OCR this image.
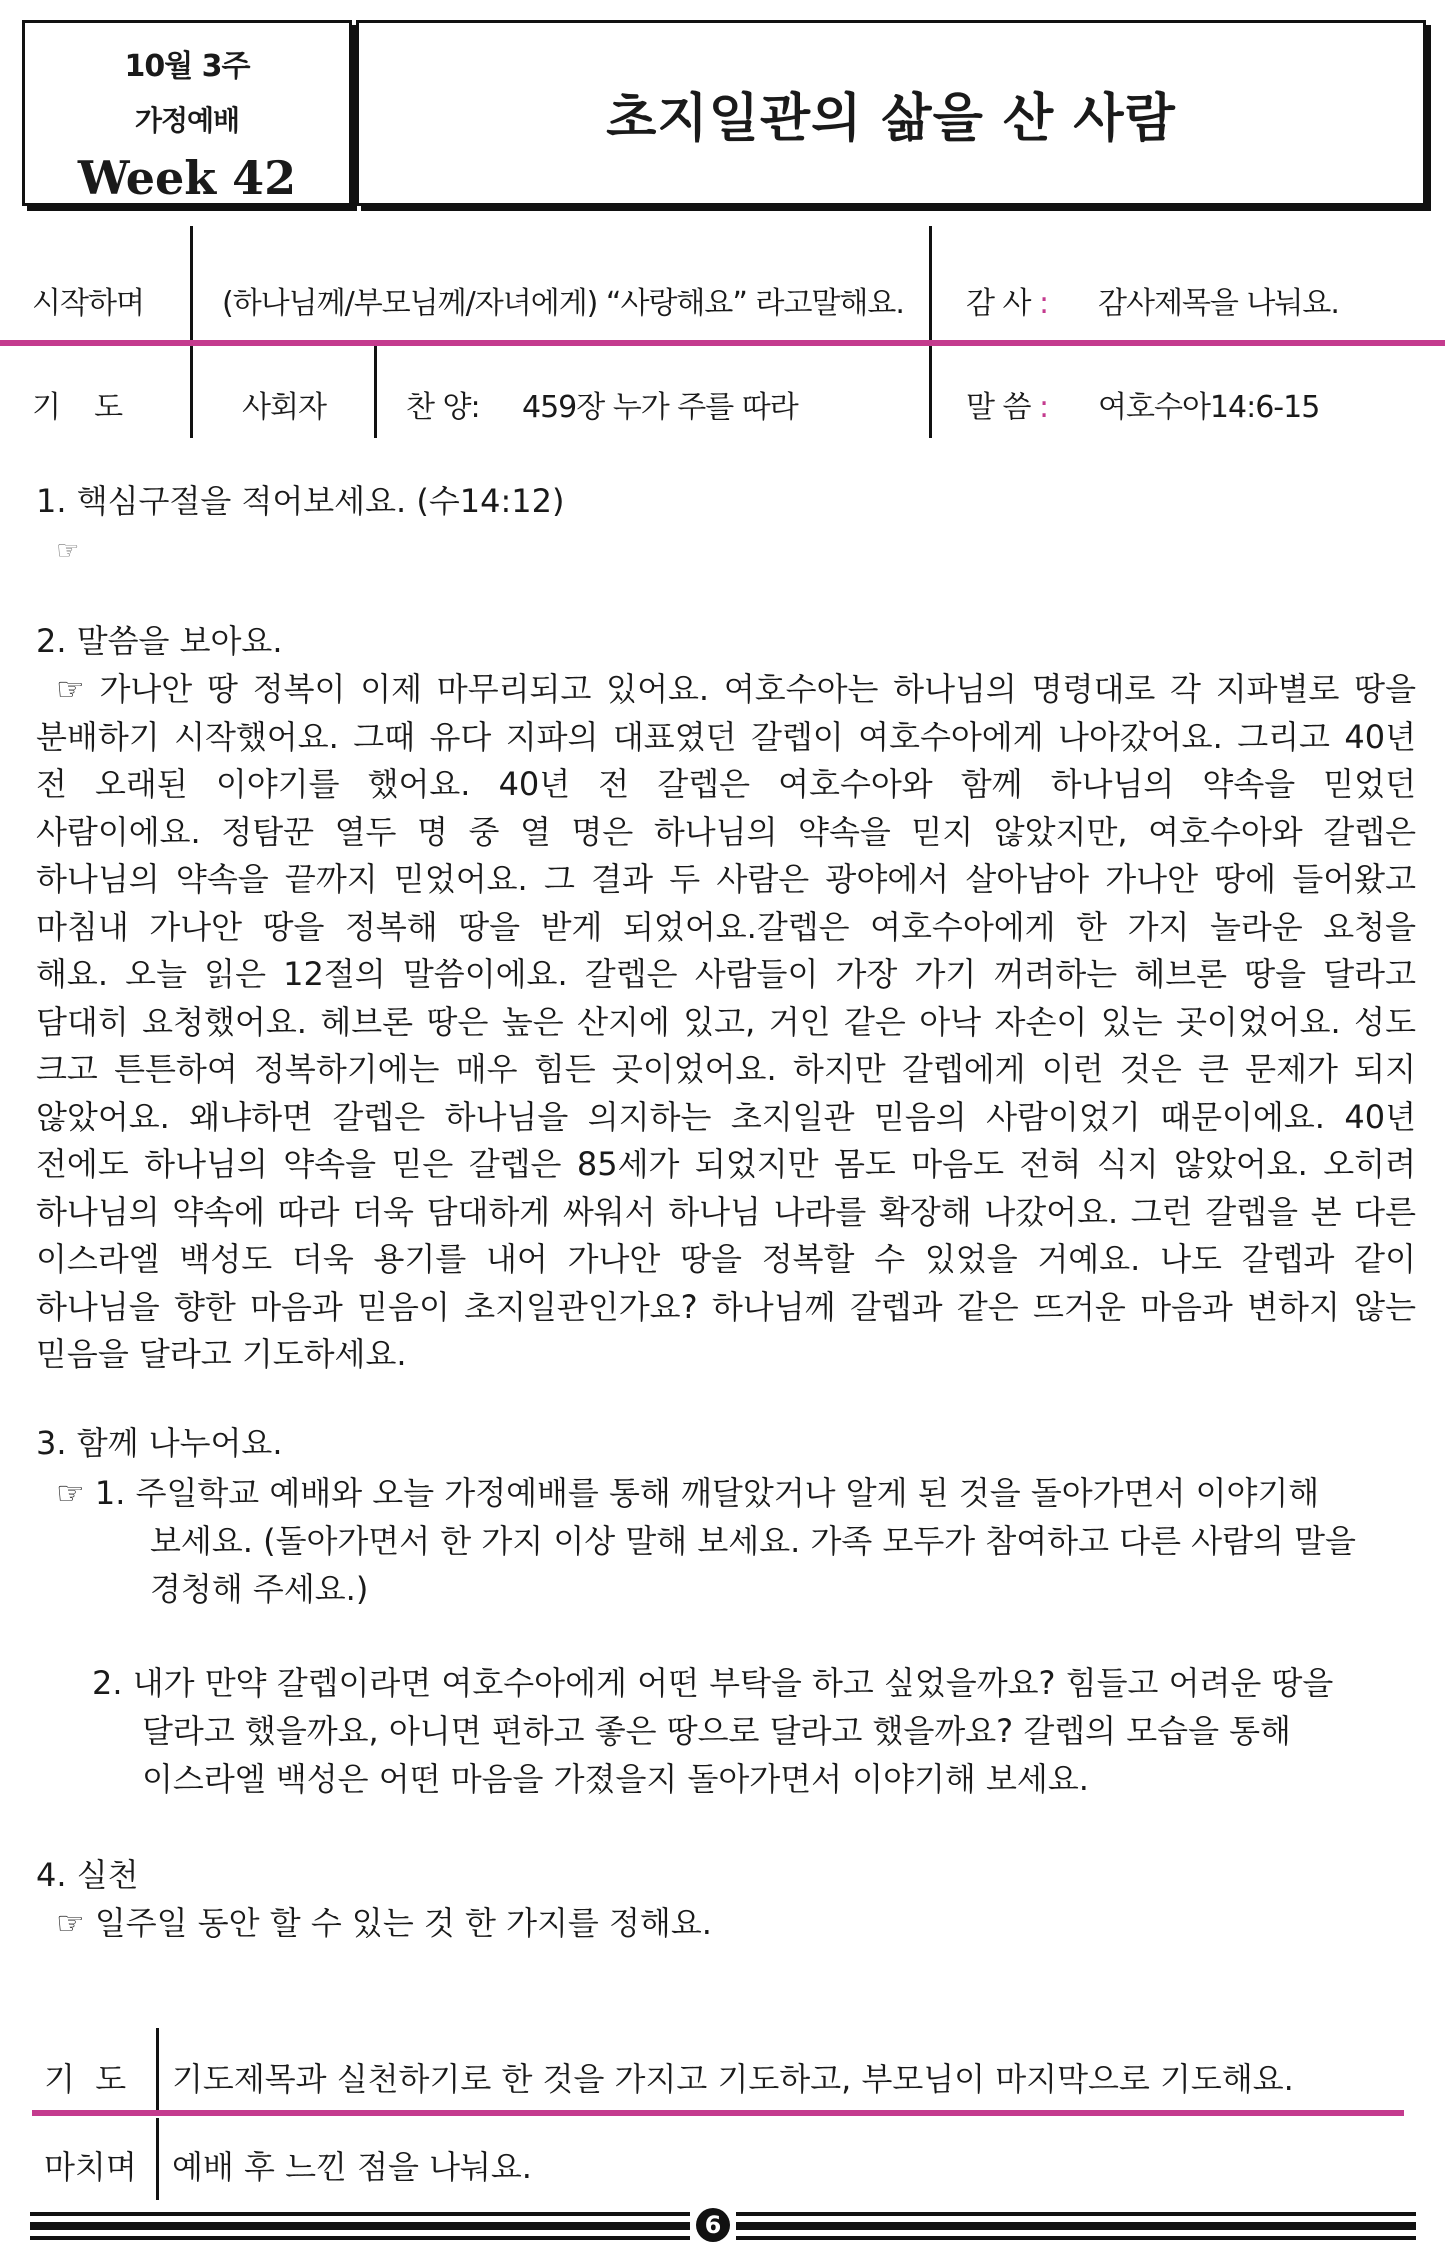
10월 3주
가정예배
Week 42
초지일관의 삶을 산 사람
시작하며	(하나님께/부모님께/자녀에게) “사랑해요” 라고말해요. 감 사 : 감사제목을 나눠요.
기    도	사회자	찬 양: 459장 누가 주를 따라	말 씀 : 여호수아14:6-15
1. 핵심구절을 적어보세요. (수14:12)
☞
2. 말씀을 보아요.
☞ 가나안 땅 정복이 이제 마무리되고 있어요. 여호수아는 하나님의 명령대로 각 지파별로 땅을
분배하기 시작했어요. 그때 유다 지파의 대표였던 갈렙이 여호수아에게 나아갔어요. 그리고 40년
전 오래된 이야기를 했어요. 40년 전 갈렙은 여호수아와 함께 하나님의 약속을 믿었던
사람이에요. 정탐꾼 열두 명 중 열 명은 하나님의 약속을 믿지 않았지만, 여호수아와 갈렙은
하나님의 약속을 끝까지 믿었어요. 그 결과 두 사람은 광야에서 살아남아 가나안 땅에 들어왔고
마침내 가나안 땅을 정복해 땅을 받게 되었어요.갈렙은 여호수아에게 한 가지 놀라운 요청을
해요. 오늘 읽은 12절의 말씀이에요. 갈렙은 사람들이 가장 가기 꺼려하는 헤브론 땅을 달라고
담대히 요청했어요. 헤브론 땅은 높은 산지에 있고, 거인 같은 아낙 자손이 있는 곳이었어요. 성도
크고 튼튼하여 정복하기에는 매우 힘든 곳이었어요. 하지만 갈렙에게 이런 것은 큰 문제가 되지
않았어요. 왜냐하면 갈렙은 하나님을 의지하는 초지일관 믿음의 사람이었기 때문이에요. 40년
전에도 하나님의 약속을 믿은 갈렙은 85세가 되었지만 몸도 마음도 전혀 식지 않았어요. 오히려
하나님의 약속에 따라 더욱 담대하게 싸워서 하나님 나라를 확장해 나갔어요. 그런 갈렙을 본 다른
이스라엘 백성도 더욱 용기를 내어 가나안 땅을 정복할 수 있었을 거예요. 나도 갈렙과 같이
하나님을 향한 마음과 믿음이 초지일관인가요? 하나님께 갈렙과 같은 뜨거운 마음과 변하지 않는
믿음을 달라고 기도하세요.
3. 함께 나누어요.
☞ 1. 주일학교 예배와 오늘 가정예배를 통해 깨달았거나 알게 된 것을 돌아가면서 이야기해
보세요. (돌아가면서 한 가지 이상 말해 보세요. 가족 모두가 참여하고 다른 사람의 말을
경청해 주세요.)
2. 내가 만약 갈렙이라면 여호수아에게 어떤 부탁을 하고 싶었을까요? 힘들고 어려운 땅을
달라고 했을까요, 아니면 편하고 좋은 땅으로 달라고 했을까요? 갈렙의 모습을 통해
이스라엘 백성은 어떤 마음을 가졌을지 돌아가면서 이야기해 보세요.
4. 실천
☞ 일주일 동안 할 수 있는 것 한 가지를 정해요.
기  도 기도제목과 실천하기로 한 것을 가지고 기도하고, 부모님이 마지막으로 기도해요.
마치며 예배 후 느낀 점을 나눠요.
6
